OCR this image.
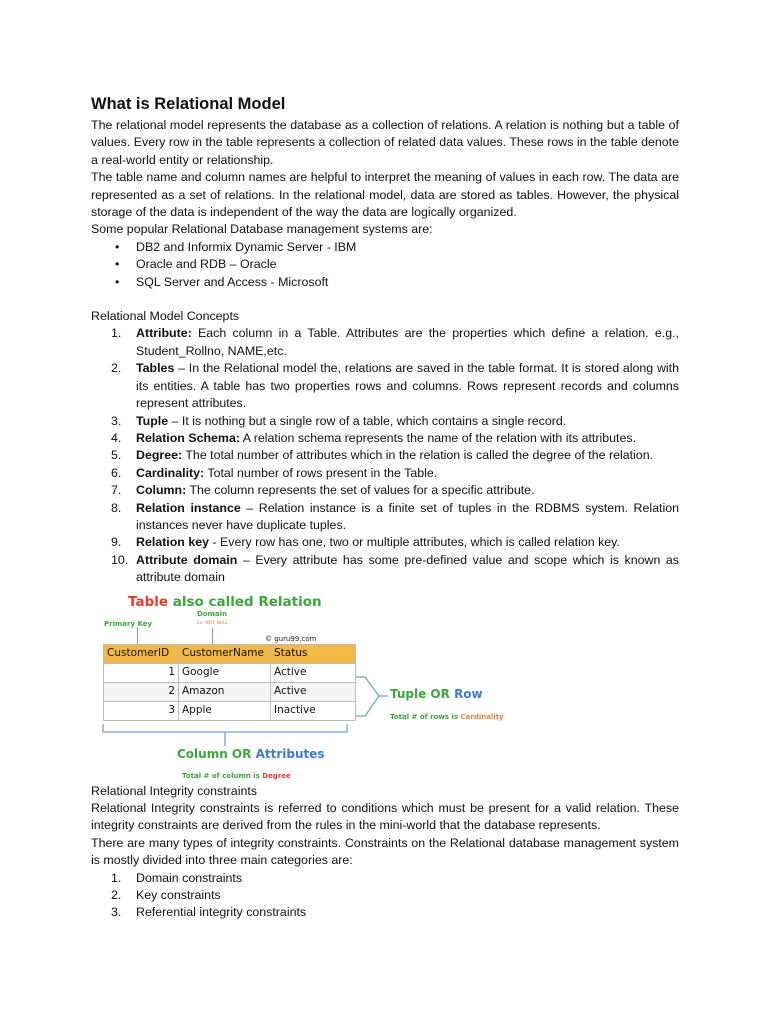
What is Relational Model

The relational model represents the database as a collection of relations. A relation is nothing but a table of values. Every row in the table represents a collection of related data values. These rows in the table denote a real-world entity or relationship.

The table name and column names are helpful to interpret the meaning of values in each row. The data are represented as a set of relations. In the relational model, data are stored as tables. However, the physical storage of the data is independent of the way the data are logically organized.

Some popular Relational Database management systems are:

• DB2 and Informix Dynamic Server - IBM
• Oracle and RDB – Oracle
• SQL Server and Access - Microsoft

Relational Model Concepts

1.	Attribute: Each column in a Table. Attributes are the properties which define a relation. e.g., Student_Rollno, NAME,etc.
2.	Tables – In the Relational model the, relations are saved in the table format. It is stored along with its entities. A table has two properties rows and columns. Rows represent records and columns represent attributes.
3.	Tuple – It is nothing but a single row of a table, which contains a single record.
4.	Relation Schema: A relation schema represents the name of the relation with its attributes.
5.	Degree: The total number of attributes which in the relation is called the degree of the relation.
6.	Cardinality: Total number of rows present in the Table.
7.	Column: The column represents the set of values for a specific attribute.
8.	Relation instance – Relation instance is a finite set of tuples in the RDBMS system. Relation instances never have duplicate tuples.
9.	Relation key - Every row has one, two or multiple attributes, which is called relation key.
10. Attribute domain – Every attribute has some pre-defined value and scope which is known as attribute domain
Table also called Relation
Primary Key
Domain
Ex. NOT NULL
© guru99.com
CustomerID	CustomerName	Status
1	Google	Active
2	Amazon	Active
3	Apple	Inactive
Tuple OR Row
Total # of rows is Cardinality
Column OR Attributes
Total # of column is Degree

Relational Integrity constraints

Relational Integrity constraints is referred to conditions which must be present for a valid relation. These integrity constraints are derived from the rules in the mini-world that the database represents.

There are many types of integrity constraints. Constraints on the Relational database management system is mostly divided into three main categories are:

1. Domain constraints
2. Key constraints
3. Referential integrity constraints
